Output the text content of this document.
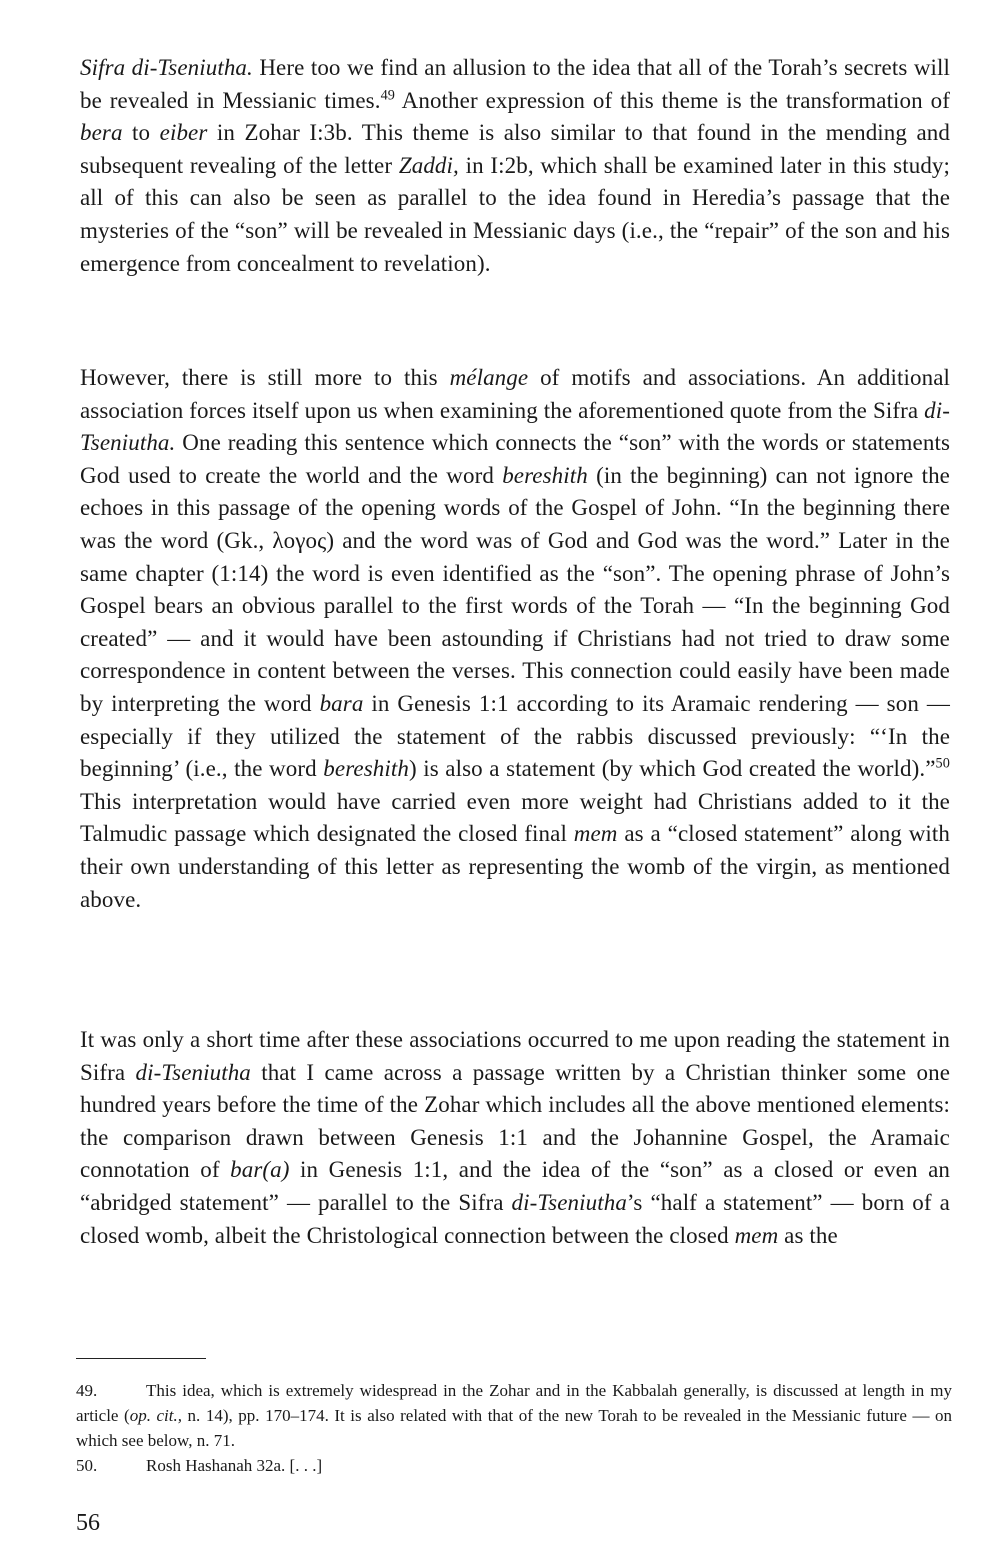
Sifra di-Tseniutha. Here too we find an allusion to the idea that all of the Torah’s secrets will be revealed in Messianic times.$^{49}$ Another expression of this theme is the transformation of bera to eiber in Zohar I:3b. This theme is also similar to that found in the mending and subsequent revealing of the letter Zaddi, in I:2b, which shall be examined later in this study; all of this can also be seen as parallel to the idea found in Heredia’s passage that the mysteries of the “son” will be revealed in Messianic days (i.e., the “repair” of the son and his emergence from concealment to revelation).

However, there is still more to this mélange of motifs and associations. An additional association forces itself upon us when examining the aforementioned quote from the Sifra di-Tseniutha. One reading this sentence which connects the “son” with the words or statements God used to create the world and the word bereshith (in the beginning) can not ignore the echoes in this passage of the opening words of the Gospel of John. “In the beginning there was the word (Gk., λογος) and the word was of God and God was the word.” Later in the same chapter (1:14) the word is even identified as the “son”. The opening phrase of John’s Gospel bears an obvious parallel to the first words of the Torah — “In the beginning God created” — and it would have been astounding if Christians had not tried to draw some correspondence in content between the verses. This connection could easily have been made by interpreting the word bara in Genesis 1:1 according to its Aramaic rendering — son — especially if they utilized the statement of the rabbis discussed previously: “‘In the beginning’ (i.e., the word bereshith) is also a statement (by which God created the world).”$^{50}$ This interpretation would have carried even more weight had Christians added to it the Talmudic passage which designated the closed final mem as a “closed statement” along with their own understanding of this letter as representing the womb of the virgin, as mentioned above.

It was only a short time after these associations occurred to me upon reading the statement in Sifra di-Tseniutha that I came across a passage written by a Christian thinker some one hundred years before the time of the Zohar which includes all the above mentioned elements: the comparison drawn between Genesis 1:1 and the Johannine Gospel, the Aramaic connotation of bar(a) in Genesis 1:1, and the idea of the “son” as a closed or even an “abridged statement” — parallel to the Sifra di-Tseniutha’s “half a statement” — born of a closed womb, albeit the Christological connection between the closed mem as the

49.	This idea, which is extremely widespread in the Zohar and in the Kabbalah generally, is discussed at length in my article (op. cit., n. 14), pp. 170–174. It is also related with that of the new Torah to be revealed in the Messianic future — on which see below, n. 71.

50.	Rosh Hashanah 32a. [. . .]

56
